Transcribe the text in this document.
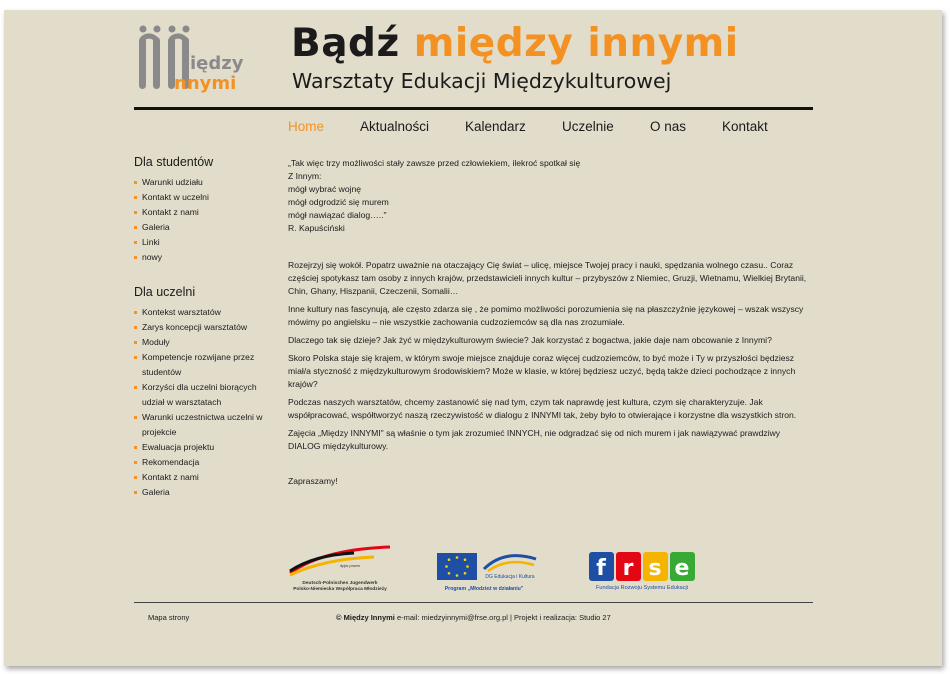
iędzy
nnymi
Bądź między innymi
Warsztaty Edukacji Międzykulturowej
Home	Aktualności	Kalendarz	Uczelnie	O nas	Kontakt
Dla studentów
Warunki udziału
Kontakt w uczelni
Kontakt z nami
Galeria
Linki
nowy
Dla uczelni
Kontekst warsztatów
Zarys koncepcji warsztatów
Moduły
Kompetencje rozwijane przez studentów
Korzyści dla uczelni biorących udział w warsztatach
Warunki uczestnictwa uczelni w projekcie
Ewaluacja projektu
Rekomendacja
Kontakt z nami
Galeria
„Tak więc trzy możliwości stały zawsze przed człowiekiem, ilekroć spotkał się
Z Innym:
mógł wybrać wojnę
mógł odgrodzić się murem
mógł nawiązać dialog….."
R. Kapuściński

Rozejrzyj się wokół. Popatrz uważnie na otaczający Cię świat – ulicę, miejsce Twojej pracy i nauki, spędzania wolnego czasu.. Coraz częściej spotykasz tam osoby z innych krajów, przedstawicieli innych kultur – przybyszów z Niemiec, Gruzji, Wietnamu, Wielkiej Brytanii, Chin, Ghany, Hiszpanii, Czeczenii, Somalii…

Inne kultury nas fascynują, ale często zdarza się , że pomimo możliwości porozumienia się na płaszczyźnie językowej – wszak wszyscy mówimy po angielsku – nie wszystkie zachowania cudzoziemców są dla nas zrozumiałe.

Dlaczego tak się dzieje? Jak żyć w międzykulturowym świecie? Jak korzystać z bogactwa, jakie daje nam obcowanie z Innymi?

Skoro Polska staje się krajem, w którym swoje miejsce znajduje coraz więcej cudzoziemców, to być może i Ty w przyszłości będziesz miał/a styczność z międzykulturowym środowiskiem? Może w klasie, w której będziesz uczyć, będą także dzieci pochodzące z innych krajów?

Podczas naszych warsztatów, chcemy zastanowić się nad tym, czym tak naprawdę jest kultura, czym się charakteryzuje. Jak współpracować, współtworzyć naszą rzeczywistość w dialogu z INNYMI tak, żeby było to otwierające i korzystne dla wszystkich stron.

Zajęcia „Między INNYMI" są właśnie o tym jak zrozumieć INNYCH, nie odgradzać się od nich murem i jak nawiązywać prawdziwy DIALOG międzykulturowy.

Zapraszamy!

dpjw pnwm
Deutsch-Polnisches Jugendwerk
Polsko-Niemiecka Współpraca Młodzieży
DG Edukacja i Kultura
Program „Młodzież w działaniu"
f r s e
Fundacja Rozwoju Systemu Edukacji
Mapa strony	© Między Innymi e-mail: miedzyinnymi@frse.org.pl | Projekt i realizacja: Studio 27
